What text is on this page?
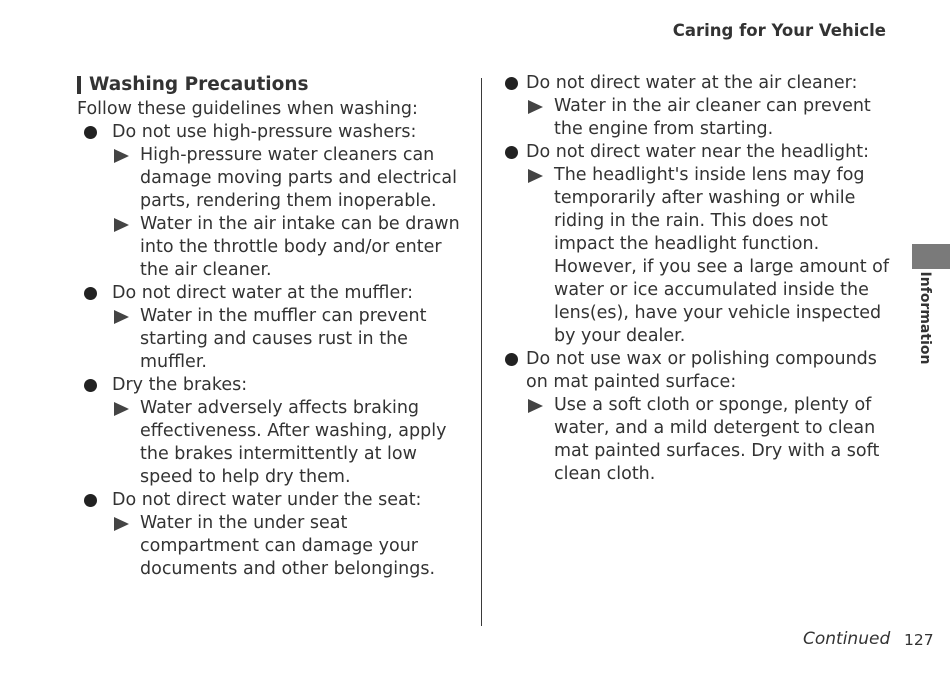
Caring for Your Vehicle
Information
Washing Precautions

Follow these guidelines when washing:

Do not use high-pressure washers:
High-pressure water cleaners can damage moving parts and electrical parts, rendering them inoperable.
Water in the air intake can be drawn into the throttle body and/or enter the air cleaner.
Do not direct water at the muffler:
Water in the muffler can prevent starting and causes rust in the muffler.
Dry the brakes:
Water adversely affects braking effectiveness. After washing, apply the brakes intermittently at low speed to help dry them.
Do not direct water under the seat:
Water in the under seat compartment can damage your documents and other belongings.
Do not direct water at the air cleaner:
Water in the air cleaner can prevent the engine from starting.
Do not direct water near the headlight:
The headlight's inside lens may fog temporarily after washing or while riding in the rain. This does not impact the headlight function.
However, if you see a large amount of water or ice accumulated inside the lens(es), have your vehicle inspected by your dealer.
Do not use wax or polishing compounds on mat painted surface:
Use a soft cloth or sponge, plenty of water, and a mild detergent to clean mat painted surfaces. Dry with a soft clean cloth.
Continued 127
